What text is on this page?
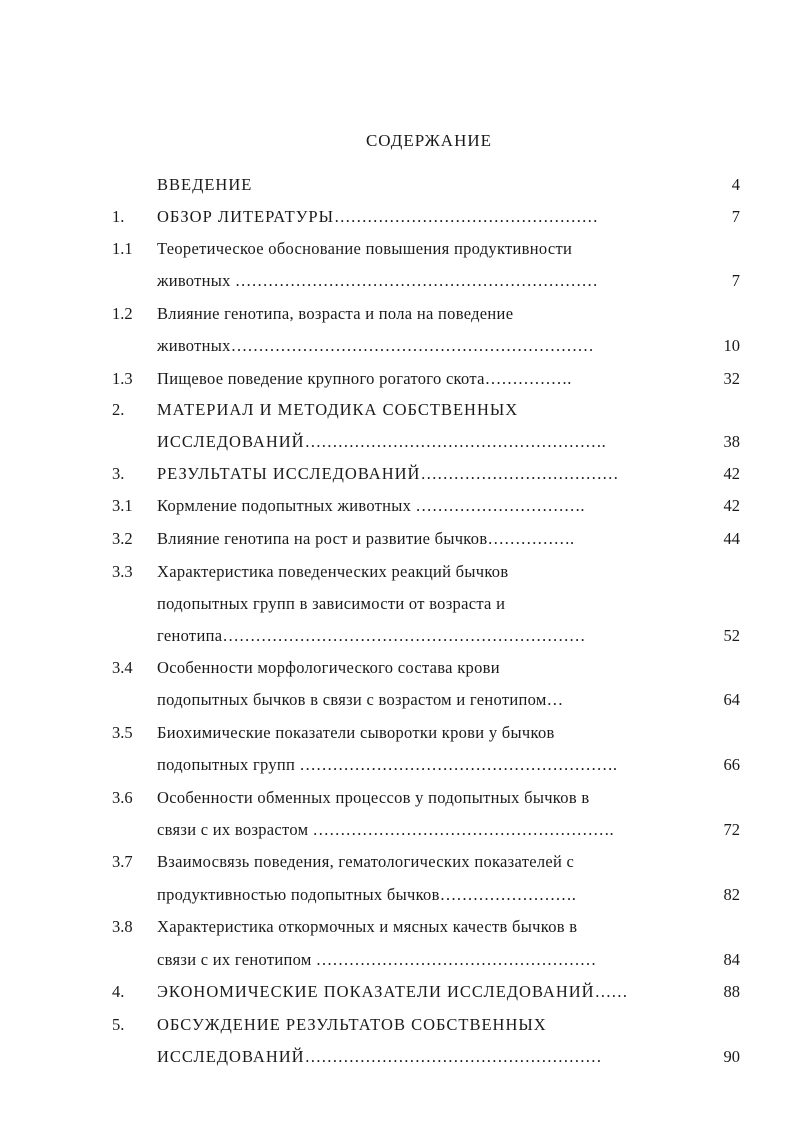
СОДЕРЖАНИЕ
ВВЕДЕНИЕ	4
1.	ОБЗОР ЛИТЕРАТУРЫ…………………………………………	7
1.1	Теоретическое обоснование повышения продуктивности
животных …………………………………………………………	7
1.2	Влияние генотипа, возраста и пола на поведение
животных…………………………………………………………	10
1.3	Пищевое поведение крупного рогатого скота…………….	32
2.	МАТЕРИАЛ И МЕТОДИКА СОБСТВЕННЫХ
ИССЛЕДОВАНИЙ……………………………………………….	38
3.	РЕЗУЛЬТАТЫ ИССЛЕДОВАНИЙ………………………………	42
3.1	Кормление подопытных животных ………………………….	42
3.2	Влияние генотипа на рост и развитие бычков…………….	44
3.3	Характеристика поведенческих реакций бычков
подопытных групп в зависимости от возраста и
генотипа…………………………………………………………	52
3.4	Особенности морфологического состава крови
подопытных бычков в связи с возрастом и генотипом…	64
3.5	Биохимические показатели сыворотки крови у бычков
подопытных групп ………………………………………………….	66
3.6	Особенности обменных процессов у подопытных бычков в
связи с их возрастом ……………………………………………….	72
3.7	Взаимосвязь поведения, гематологических показателей с
продуктивностью подопытных бычков…………………….	82
3.8	Характеристика откормочных и мясных качеств бычков в
связи с их генотипом ……………………………………………	84
4.	ЭКОНОМИЧЕСКИЕ ПОКАЗАТЕЛИ ИССЛЕДОВАНИЙ……	88
5.	ОБСУЖДЕНИЕ РЕЗУЛЬТАТОВ СОБСТВЕННЫХ
ИССЛЕДОВАНИЙ………………………………………………	90
